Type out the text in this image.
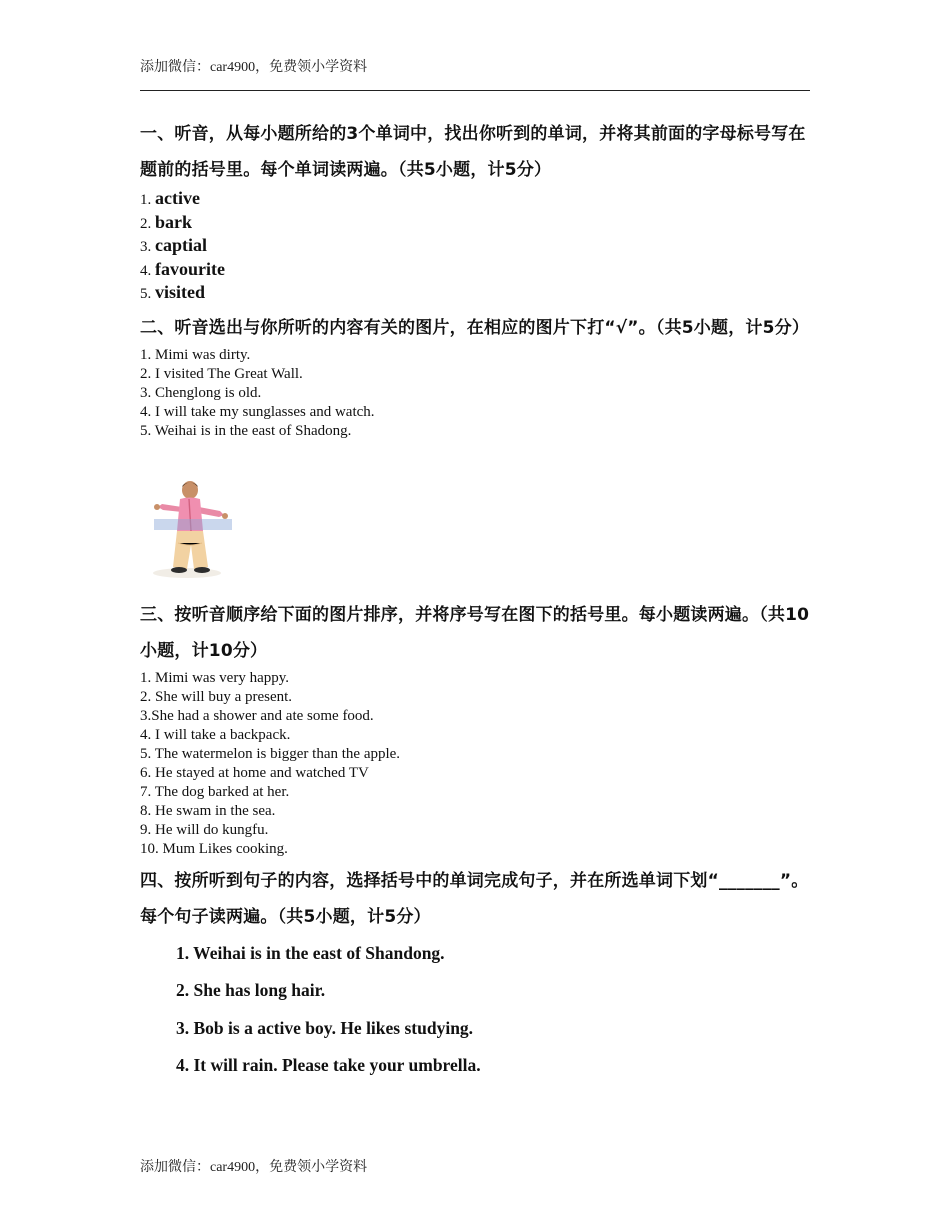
添加微信：car4900，免费领小学资料

一、听音，从每小题所给的3个单词中，找出你听到的单词，并将其前面的字母标号写在题前的括号里。每个单词读两遍。（共5小题，计5分）

1. active
2. bark
3. captial
4. favourite
5. visited

二、听音选出与你所听的内容有关的图片，在相应的图片下打“√”。（共5小题，计5分）

1. Mimi was dirty.
2. I visited The Great Wall.
3. Chenglong is old.
4. I will take my sunglasses and watch.
5. Weihai is in the east of Shadong.

三、按听音顺序给下面的图片排序，并将序号写在图下的括号里。每小题读两遍。（共10小题，计10分）

1. Mimi was very happy.
2. She will buy a present.
3.She had a shower and ate some food.
4. I will take a backpack.
5. The watermelon is bigger than the apple.
6. He stayed at home and watched TV
7. The dog barked at her.
8. He swam in the sea.
9. He will do kungfu.
10. Mum Likes cooking.

四、按所听到句子的内容，选择括号中的单词完成句子，并在所选单词下划“_______”。每个句子读两遍。（共5小题，计5分）

1. Weihai is in the east of Shandong.
2. She has long hair.
3. Bob is a active boy. He likes studying.
4. It will rain. Please take your umbrella.
添加微信：car4900，免费领小学资料
